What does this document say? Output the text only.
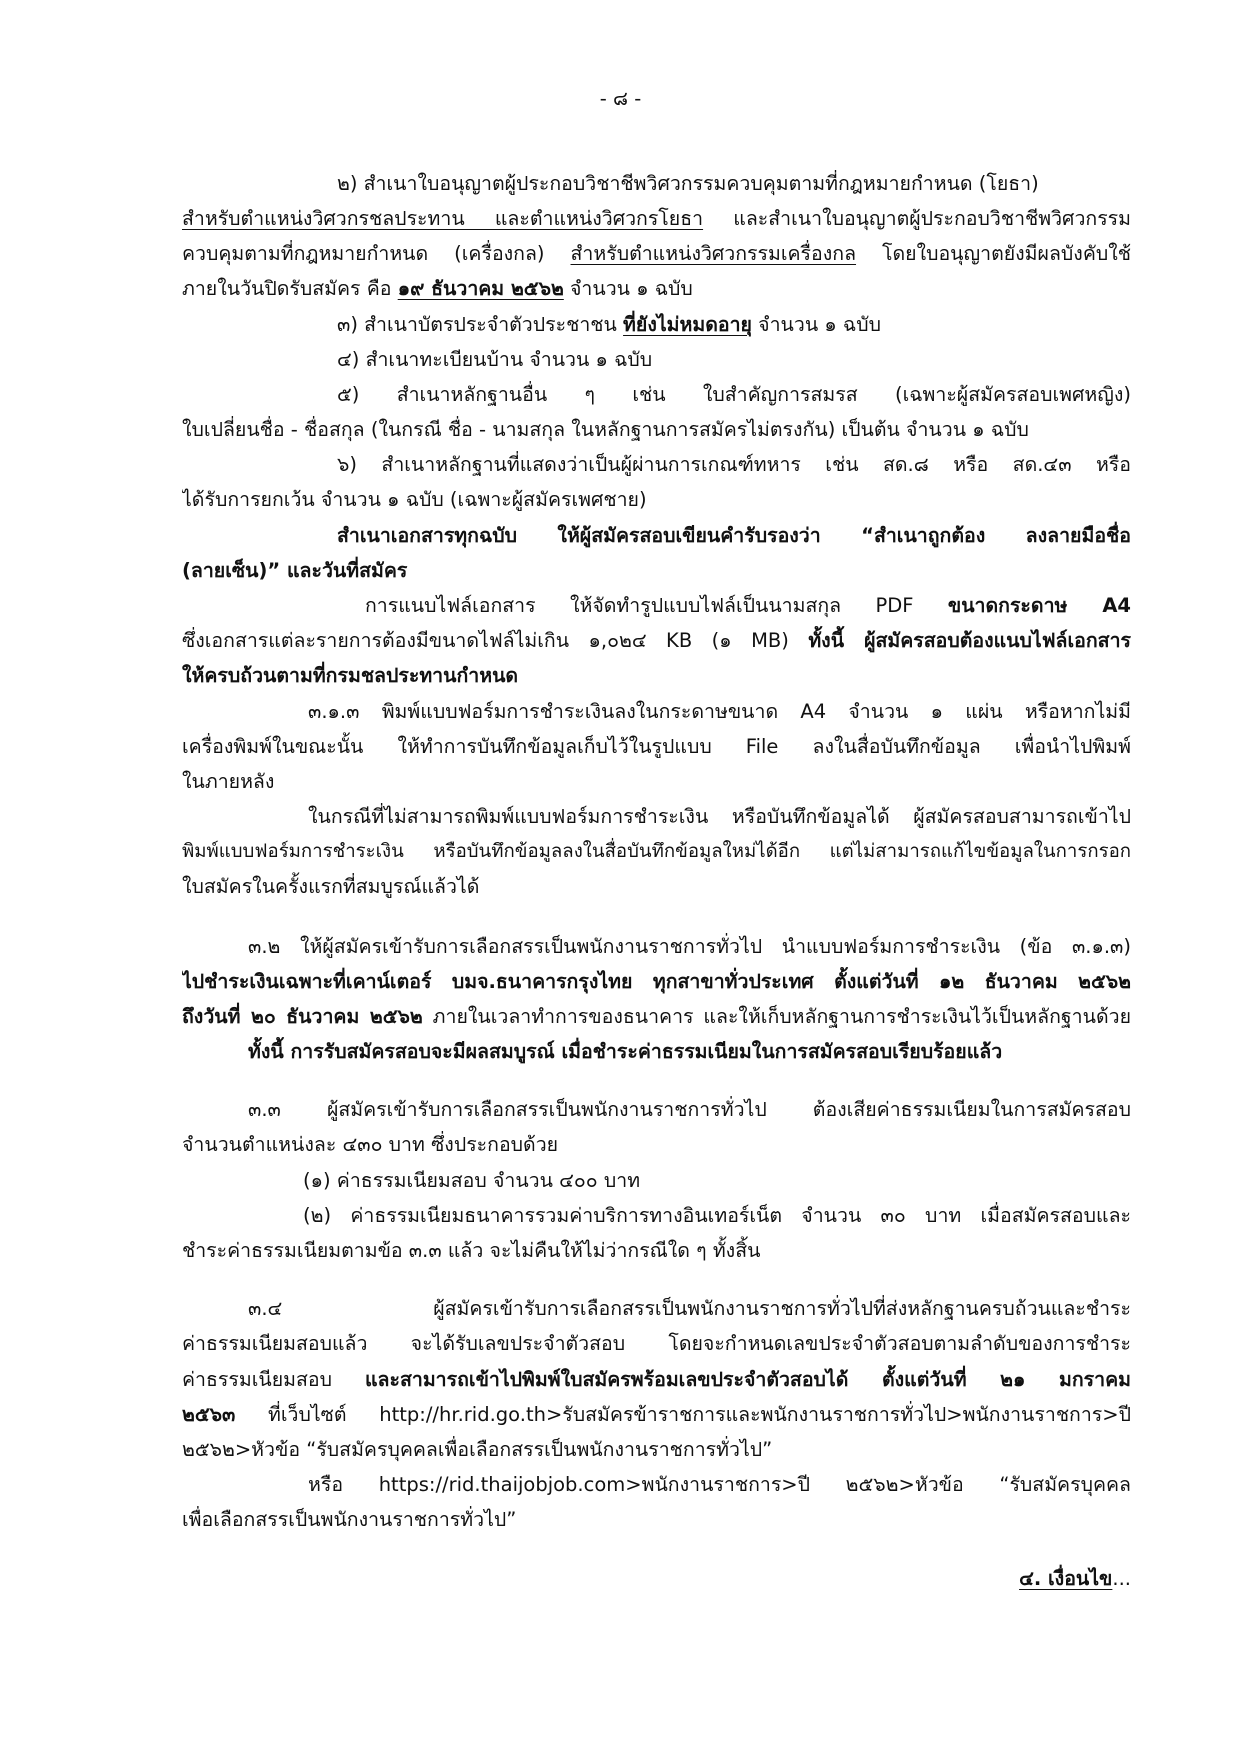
- ๘ -
๒) สำเนาใบอนุญาตผู้ประกอบวิชาชีพวิศวกรรมควบคุมตามที่กฎหมายกำหนด (โยธา)
สำหรับตำแหน่งวิศวกรชลประทาน และตำแหน่งวิศวกรโยธา และสำเนาใบอนุญาตผู้ประกอบวิชาชีพวิศวกรรม
ควบคุมตามที่กฎหมายกำหนด (เครื่องกล) สำหรับตำแหน่งวิศวกรรมเครื่องกล โดยใบอนุญาตยังมีผลบังคับใช้
ภายในวันปิดรับสมัคร คือ ๑๙ ธันวาคม ๒๕๖๒ จำนวน ๑ ฉบับ
๓) สำเนาบัตรประจำตัวประชาชน ที่ยังไม่หมดอายุ จำนวน ๑ ฉบับ
๔) สำเนาทะเบียนบ้าน จำนวน ๑ ฉบับ
๕) สำเนาหลักฐานอื่น ๆ เช่น ใบสำคัญการสมรส (เฉพาะผู้สมัครสอบเพศหญิง)
ใบเปลี่ยนชื่อ - ชื่อสกุล (ในกรณี ชื่อ - นามสกุล ในหลักฐานการสมัครไม่ตรงกัน) เป็นต้น จำนวน ๑ ฉบับ
๖) สำเนาหลักฐานที่แสดงว่าเป็นผู้ผ่านการเกณฑ์ทหาร เช่น สด.๘ หรือ สด.๔๓ หรือ
ได้รับการยกเว้น จำนวน ๑ ฉบับ (เฉพาะผู้สมัครเพศชาย)
สำเนาเอกสารทุกฉบับ ให้ผู้สมัครสอบเขียนคำรับรองว่า “สำเนาถูกต้อง ลงลายมือชื่อ
(ลายเซ็น)” และวันที่สมัคร
การแนบไฟล์เอกสาร ให้จัดทำรูปแบบไฟล์เป็นนามสกุล PDF ขนาดกระดาษ A4
ซึ่งเอกสารแต่ละรายการต้องมีขนาดไฟล์ไม่เกิน ๑,๐๒๔ KB (๑ MB) ทั้งนี้ ผู้สมัครสอบต้องแนบไฟล์เอกสาร
ให้ครบถ้วนตามที่กรมชลประทานกำหนด
๓.๑.๓ พิมพ์แบบฟอร์มการชำระเงินลงในกระดาษขนาด A4 จำนวน ๑ แผ่น หรือหากไม่มี
เครื่องพิมพ์ในขณะนั้น ให้ทำการบันทึกข้อมูลเก็บไว้ในรูปแบบ File ลงในสื่อบันทึกข้อมูล เพื่อนำไปพิมพ์
ในภายหลัง
ในกรณีที่ไม่สามารถพิมพ์แบบฟอร์มการชำระเงิน หรือบันทึกข้อมูลได้ ผู้สมัครสอบสามารถเข้าไป
พิมพ์แบบฟอร์มการชำระเงิน หรือบันทึกข้อมูลลงในสื่อบันทึกข้อมูลใหม่ได้อีก แต่ไม่สามารถแก้ไขข้อมูลในการกรอก
ใบสมัครในครั้งแรกที่สมบูรณ์แล้วได้
๓.๒ ให้ผู้สมัครเข้ารับการเลือกสรรเป็นพนักงานราชการทั่วไป นำแบบฟอร์มการชำระเงิน (ข้อ ๓.๑.๓)
ไปชำระเงินเฉพาะที่เคาน์เตอร์ บมจ.ธนาคารกรุงไทย ทุกสาขาทั่วประเทศ ตั้งแต่วันที่ ๑๒ ธันวาคม ๒๕๖๒
ถึงวันที่ ๒๐ ธันวาคม ๒๕๖๒ ภายในเวลาทำการของธนาคาร และให้เก็บหลักฐานการชำระเงินไว้เป็นหลักฐานด้วย
ทั้งนี้ การรับสมัครสอบจะมีผลสมบูรณ์ เมื่อชำระค่าธรรมเนียมในการสมัครสอบเรียบร้อยแล้ว
๓.๓ ผู้สมัครเข้ารับการเลือกสรรเป็นพนักงานราชการทั่วไป ต้องเสียค่าธรรมเนียมในการสมัครสอบ
จำนวนตำแหน่งละ ๔๓๐ บาท ซึ่งประกอบด้วย
(๑) ค่าธรรมเนียมสอบ จำนวน ๔๐๐ บาท
(๒) ค่าธรรมเนียมธนาคารรวมค่าบริการทางอินเทอร์เน็ต จำนวน ๓๐ บาท เมื่อสมัครสอบและ
ชำระค่าธรรมเนียมตามข้อ ๓.๓ แล้ว จะไม่คืนให้ไม่ว่ากรณีใด ๆ ทั้งสิ้น
๓.๔ ผู้สมัครเข้ารับการเลือกสรรเป็นพนักงานราชการทั่วไปที่ส่งหลักฐานครบถ้วนและชำระ
ค่าธรรมเนียมสอบแล้ว จะได้รับเลขประจำตัวสอบ โดยจะกำหนดเลขประจำตัวสอบตามลำดับของการชำระ
ค่าธรรมเนียมสอบ และสามารถเข้าไปพิมพ์ใบสมัครพร้อมเลขประจำตัวสอบได้ ตั้งแต่วันที่ ๒๑ มกราคม
๒๕๖๓ ที่เว็บไซต์ http://hr.rid.go.th>รับสมัครข้าราชการและพนักงานราชการทั่วไป>พนักงานราชการ>ปี
๒๕๖๒>หัวข้อ “รับสมัครบุคคลเพื่อเลือกสรรเป็นพนักงานราชการทั่วไป”
หรือ https://rid.thaijobjob.com>พนักงานราชการ>ปี ๒๕๖๒>หัวข้อ “รับสมัครบุคคล
เพื่อเลือกสรรเป็นพนักงานราชการทั่วไป”
๔. เงื่อนไข...
